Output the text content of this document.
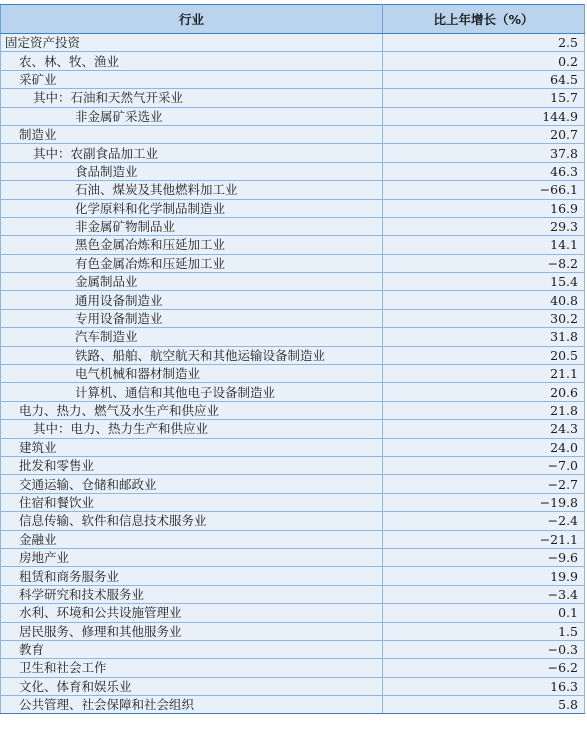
行业	比上年增长（%）
固定资产投资	2.5
农、林、牧、渔业	0.2
采矿业	64.5
其中：石油和天然气开采业	15.7
非金属矿采选业	144.9
制造业	20.7
其中：农副食品加工业	37.8
食品制造业	46.3
石油、煤炭及其他燃料加工业	−66.1
化学原料和化学制品制造业	16.9
非金属矿物制品业	29.3
黑色金属冶炼和压延加工业	14.1
有色金属冶炼和压延加工业	−8.2
金属制品业	15.4
通用设备制造业	40.8
专用设备制造业	30.2
汽车制造业	31.8
铁路、船舶、航空航天和其他运输设备制造业	20.5
电气机械和器材制造业	21.1
计算机、通信和其他电子设备制造业	20.6
电力、热力、燃气及水生产和供应业	21.8
其中：电力、热力生产和供应业	24.3
建筑业	24.0
批发和零售业	−7.0
交通运输、仓储和邮政业	−2.7
住宿和餐饮业	−19.8
信息传输、软件和信息技术服务业	−2.4
金融业	−21.1
房地产业	−9.6
租赁和商务服务业	19.9
科学研究和技术服务业	−3.4
水利、环境和公共设施管理业	0.1
居民服务、修理和其他服务业	1.5
教育	−0.3
卫生和社会工作	−6.2
文化、体育和娱乐业	16.3
公共管理、社会保障和社会组织	5.8
